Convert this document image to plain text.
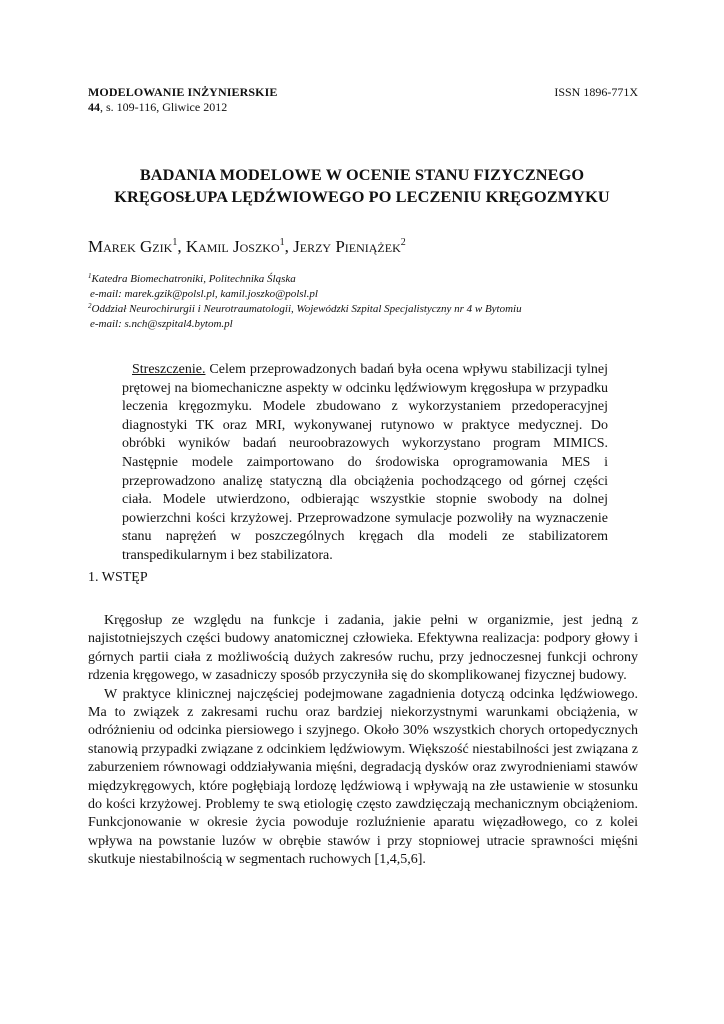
MODELOWANIE INŻYNIERSKIE
44, s. 109-116, Gliwice 2012
ISSN 1896-771X
BADANIA MODELOWE W OCENIE STANU FIZYCZNEGO
KRĘGOSŁUPA LĘDŹWIOWEGO PO LECZENIU KRĘGOZMYKU
Marek Gzik$^1$, Kamil Joszko$^1$, Jerzy Pieniążek$^2$
$^1$Katedra Biomechatroniki, Politechnika Śląska
e-mail: marek.gzik@polsl.pl, kamil.joszko@polsl.pl
$^2$Oddział Neurochirurgii i Neurotraumatologii, Wojewódzki Szpital Specjalistyczny nr 4 w Bytomiu
e-mail: s.nch@szpital4.bytom.pl

Streszczenie. Celem przeprowadzonych badań była ocena wpływu stabilizacji tylnej prętowej na biomechaniczne aspekty w odcinku lędźwiowym kręgosłupa w przypadku leczenia kręgozmyku. Modele zbudowano z wykorzystaniem przedoperacyjnej diagnostyki TK oraz MRI, wykonywanej rutynowo w praktyce medycznej. Do obróbki wyników badań neuroobrazowych wykorzystano program MIMICS. Następnie modele zaimportowano do środowiska oprogramowania MES i przeprowadzono analizę statyczną dla obciążenia pochodzącego od górnej części ciała. Modele utwierdzono, odbierając wszystkie stopnie swobody na dolnej powierzchni kości krzyżowej. Przeprowadzone symulacje pozwoliły na wyznaczenie stanu naprężeń w poszczególnych kręgach dla modeli ze stabilizatorem transpedikularnym i bez stabilizatora.

1. WSTĘP

Kręgosłup ze względu na funkcje i zadania, jakie pełni w organizmie, jest jedną z najistotniejszych części budowy anatomicznej człowieka. Efektywna realizacja: podpory głowy i górnych partii ciała z możliwością dużych zakresów ruchu, przy jednoczesnej funkcji ochrony rdzenia kręgowego, w zasadniczy sposób przyczyniła się do skomplikowanej fizycznej budowy.

W praktyce klinicznej najczęściej podejmowane zagadnienia dotyczą odcinka lędźwiowego. Ma to związek z zakresami ruchu oraz bardziej niekorzystnymi warunkami obciążenia, w odróżnieniu od odcinka piersiowego i szyjnego. Około 30% wszystkich chorych ortopedycznych stanowią przypadki związane z odcinkiem lędźwiowym. Większość niestabilności jest związana z zaburzeniem równowagi oddziaływania mięśni, degradacją dysków oraz zwyrodnieniami stawów międzykręgowych, które pogłębiają lordozę lędźwiową i wpływają na złe ustawienie w stosunku do kości krzyżowej. Problemy te swą etiologię często zawdzięczają mechanicznym obciążeniom. Funkcjonowanie w okresie życia powoduje rozluźnienie aparatu więzadłowego, co z kolei wpływa na powstanie luzów w obrębie stawów i przy stopniowej utracie sprawności mięśni skutkuje niestabilnością w segmentach ruchowych [1,4,5,6].
